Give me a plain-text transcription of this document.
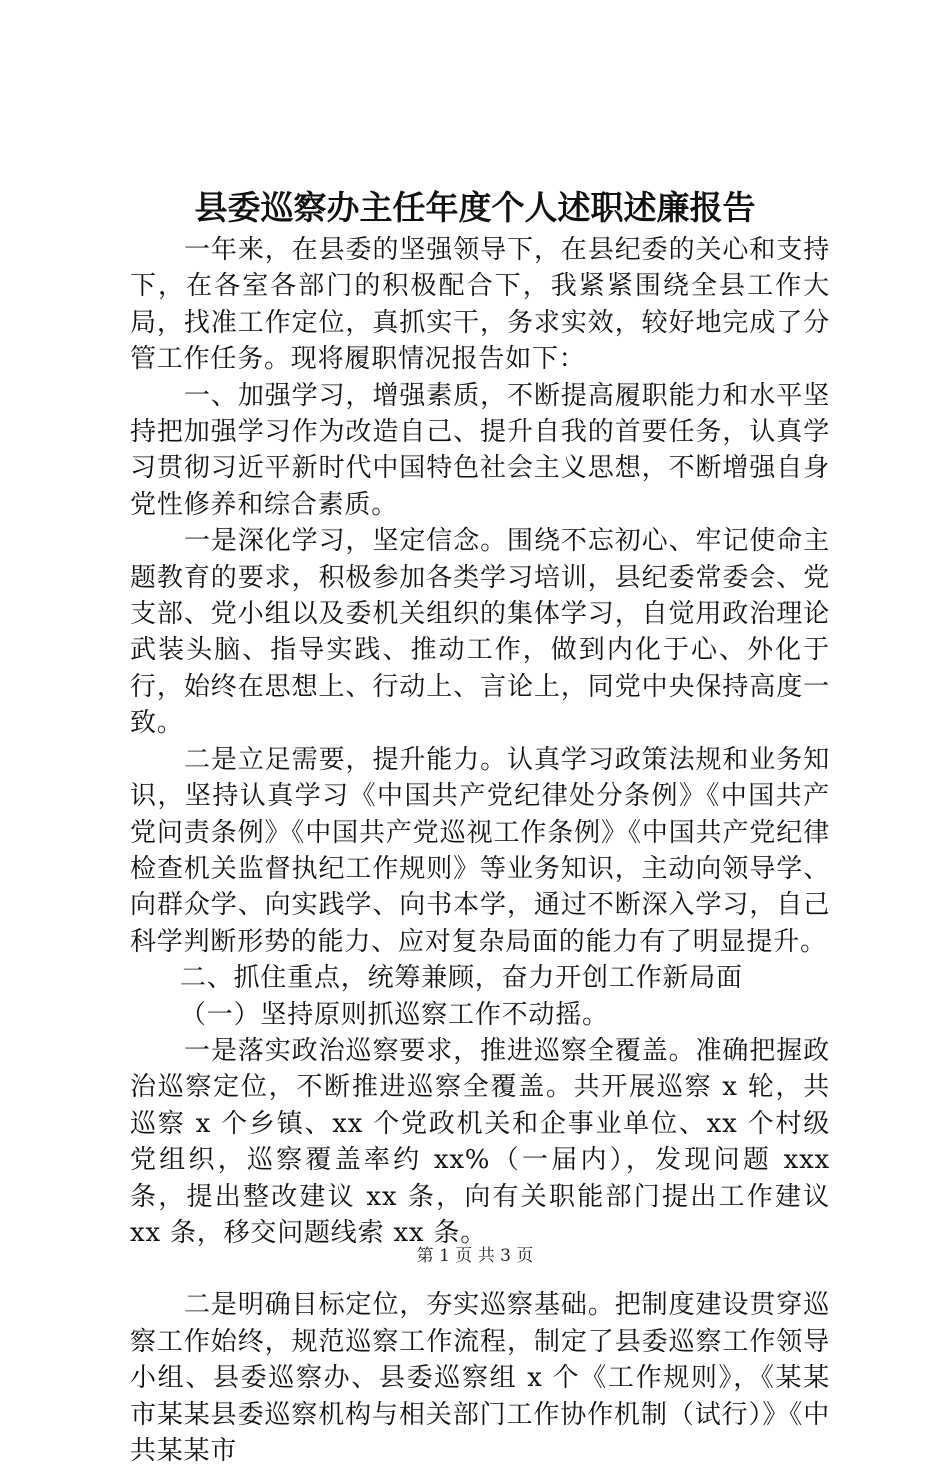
县委巡察办主任年度个人述职述廉报告

一年来，在县委的坚强领导下，在县纪委的关心和支持下，在各室各部门的积极配合下，我紧紧围绕全县工作大局，找准工作定位，真抓实干，务求实效，较好地完成了分管工作任务。现将履职情况报告如下：

一、加强学习，增强素质，不断提高履职能力和水平坚持把加强学习作为改造自己、提升自我的首要任务，认真学习贯彻习近平新时代中国特色社会主义思想，不断增强自身党性修养和综合素质。

一是深化学习，坚定信念。围绕不忘初心、牢记使命主题教育的要求，积极参加各类学习培训，县纪委常委会、党支部、党小组以及委机关组织的集体学习，自觉用政治理论武装头脑、指导实践、推动工作，做到内化于心、外化于行，始终在思想上、行动上、言论上，同党中央保持高度一致。

二是立足需要，提升能力。认真学习政策法规和业务知识，坚持认真学习《中国共产党纪律处分条例》《中国共产党问责条例》《中国共产党巡视工作条例》《中国共产党纪律检查机关监督执纪工作规则》等业务知识，主动向领导学、向群众学、向实践学、向书本学，通过不断深入学习，自己科学判断形势的能力、应对复杂局面的能力有了明显提升。

二、抓住重点，统筹兼顾，奋力开创工作新局面

（一）坚持原则抓巡察工作不动摇。

一是落实政治巡察要求，推进巡察全覆盖。准确把握政治巡察定位，不断推进巡察全覆盖。共开展巡察 x 轮，共巡察 x 个乡镇、xx 个党政机关和企事业单位、xx 个村级党组织，巡察覆盖率约 xx%（一届内），发现问题 xxx 条，提出整改建议 xx 条，向有关职能部门提出工作建议 xx 条，移交问题线索 xx 条。

二是明确目标定位，夯实巡察基础。把制度建设贯穿巡察工作始终，规范巡察工作流程，制定了县委巡察工作领导小组、县委巡察办、县委巡察组 x 个《工作规则》，《某某市某某县委巡察机构与相关部门工作协作机制（试行）》《中共某某市

第 1 页 共 3 页
